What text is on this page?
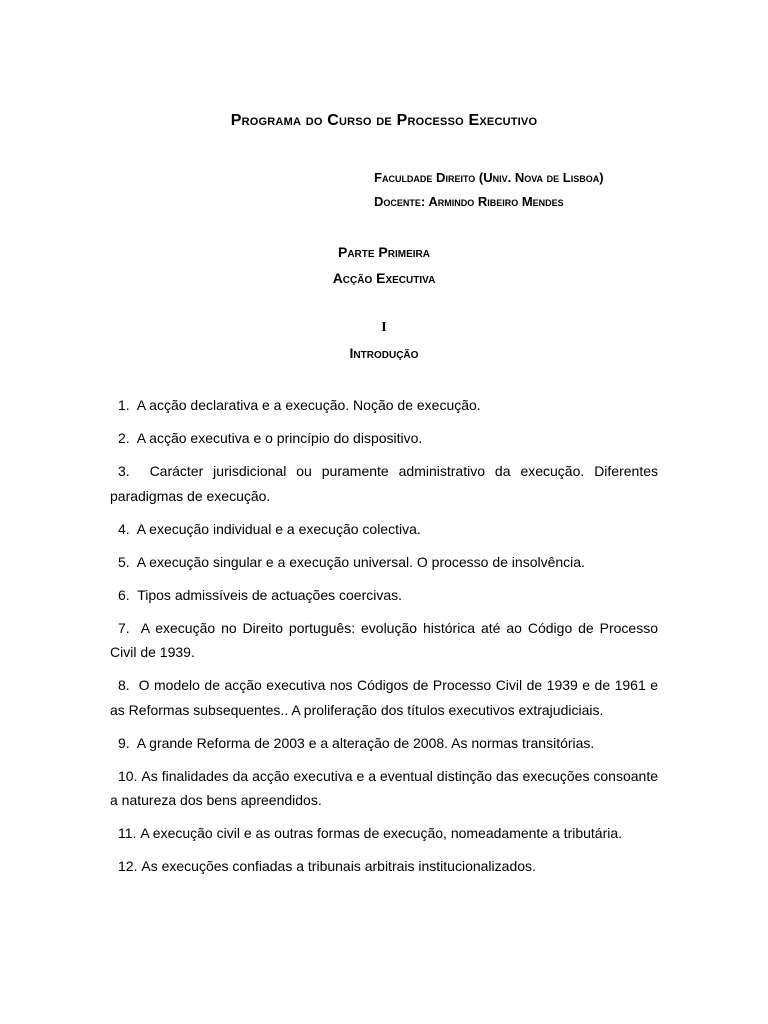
Programa do Curso de Processo Executivo
Faculdade Direito (Univ. Nova de Lisboa)
Docente: Armindo Ribeiro Mendes
Parte Primeira
Acção Executiva
I
Introdução
1. A acção declarativa e a execução. Noção de execução.
2. A acção executiva e o princípio do dispositivo.
3. Carácter jurisdicional ou puramente administrativo da execução. Diferentes paradigmas de execução.
4. A execução individual e a execução colectiva.
5. A execução singular e a execução universal. O processo de insolvência.
6. Tipos admissíveis de actuações coercivas.
7. A execução no Direito português: evolução histórica até ao Código de Processo Civil de 1939.
8. O modelo de acção executiva nos Códigos de Processo Civil de 1939 e de 1961 e as Reformas subsequentes.. A proliferação dos títulos executivos extrajudiciais.
9. A grande Reforma de 2003 e a alteração de 2008. As normas transitórias.
10. As finalidades da acção executiva e a eventual distinção das execuções consoante a natureza dos bens apreendidos.
11. A execução civil e as outras formas de execução, nomeadamente a tributária.
12. As execuções confiadas a tribunais arbitrais institucionalizados.
